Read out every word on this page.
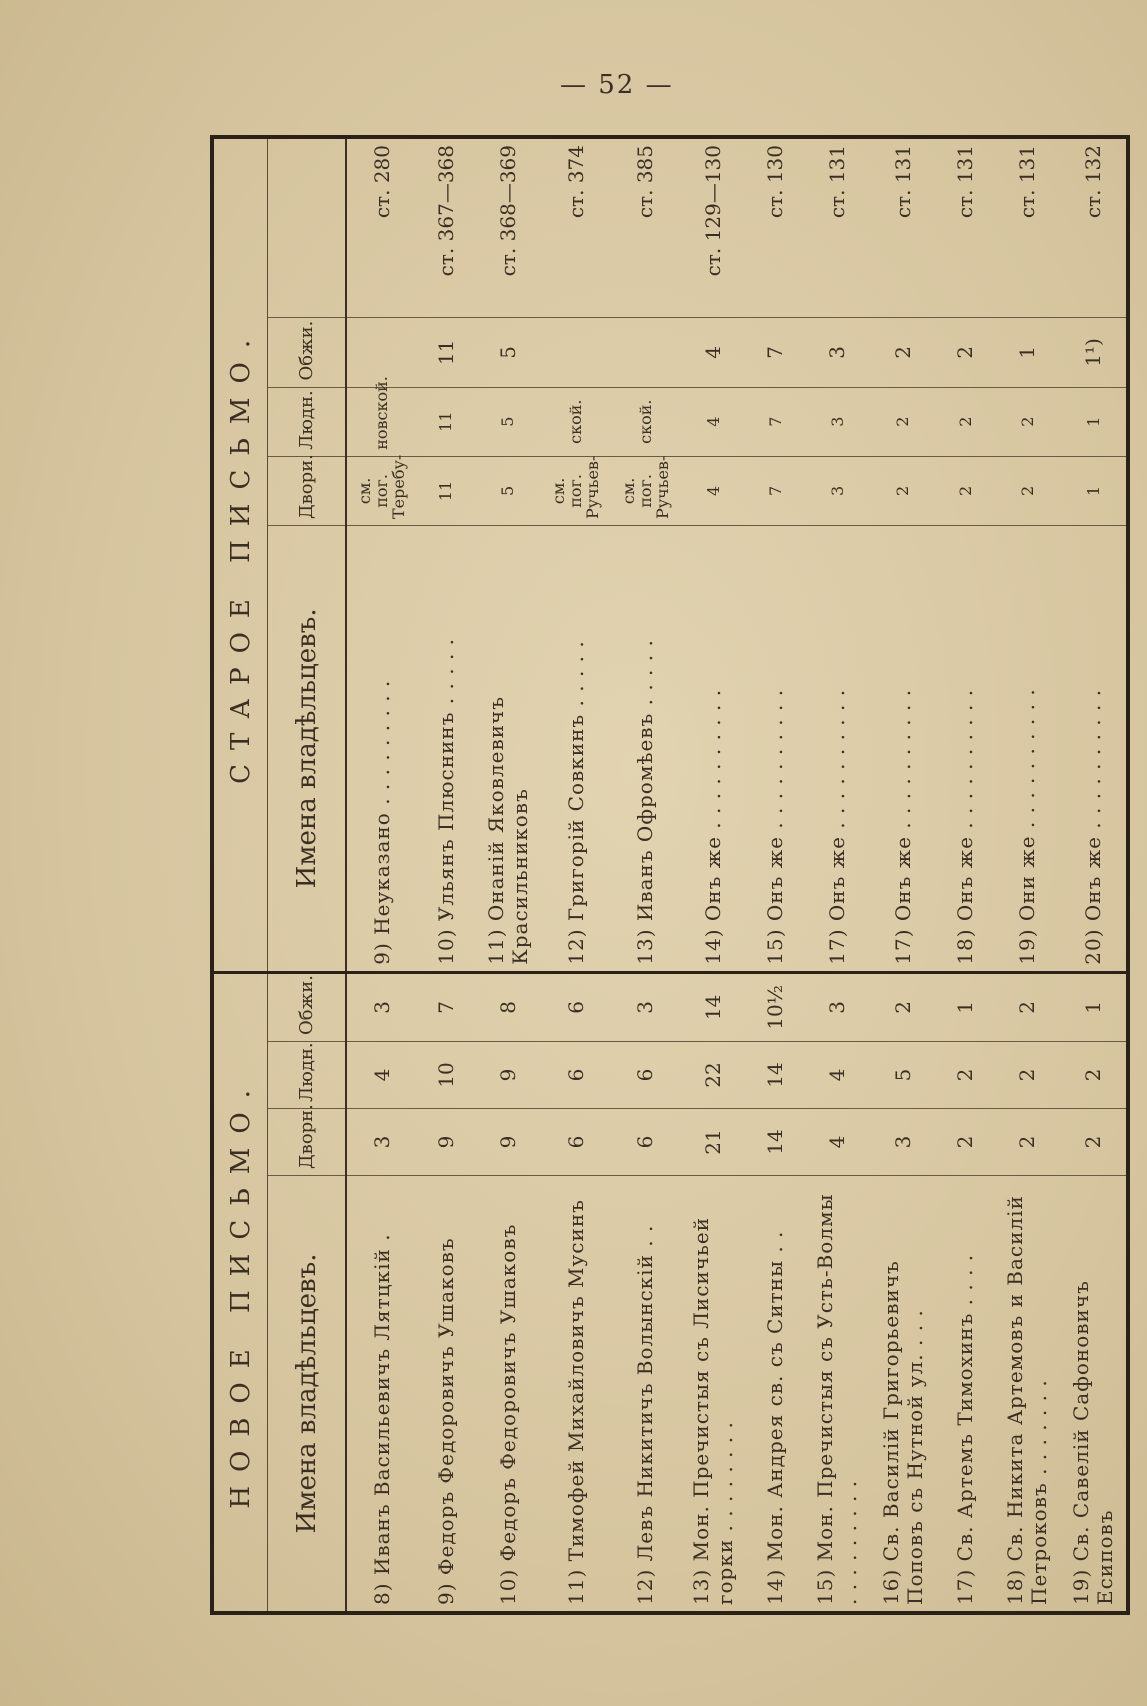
— 52 —
НОВОЕ ПИСЬМО.				СТАРОЕ ПИСЬМО.				
Имена владѣльцевъ.	Дворн.	Людн.	Обжи.	Имена владѣльцевъ.	Двори.	Людн.	Обжи.	
8) Иванъ Васильевичъ Лятцкій .	3	4	3	9) Неуказано . . . . . . . . .	см. пог. Теребу-	новской.		ст. 280
9) Федоръ Федоровичъ Ушаковъ	9	10	7	10) Ульянъ Плюснинъ . . . . .	11	11	11	ст. 367—368
10) Федоръ Федоровичъ Ушаковъ	9	9	8	11) Онаній Яковлевичъ Красильниковъ	5	5	5	ст. 368—369
11) Тимофей Михайловичъ Мусинъ	6	6	6	12) Григорій Совкинъ . . . . .	см. пог. Ручьев-	ской.		ст. 374
12) Левъ Никитичъ Волынскій . .	6	6	3	13) Иванъ Офромѣевъ . . . . .	см. пог. Ручьев-	ской.		ст. 385
13) Мон. Пречистыя съ Лисичьей горки . . . . . . . .	21	22	14	14) Онъ же . . . . . . . . . .	4	4	4	ст. 129—130
14) Мон. Андрея св. съ Ситны . .	14	14	10½	15) Онъ же . . . . . . . . . .	7	7	7	ст. 130
15) Мон. Пречистыя съ Усть-Волмы . . . . . . . . .	4	4	3	17) Онъ же . . . . . . . . . .	3	3	3	ст. 131
16) Св. Василій Григорьевичъ Поповъ съ Нутной ул. . . .	3	5	2	17) Онъ же . . . . . . . . . .	2	2	2	ст. 131
17) Св. Артемъ Тимохинъ . . . .	2	2	1	18) Онъ же . . . . . . . . . .	2	2	2	ст. 131
18) Св. Никита Артемовъ и Василій Петроковъ . . . . . . .	2	2	2	19) Они же . . . . . . . . . .	2	2	1	ст. 131
19) Св. Савелій Сафоновичъ Есиповъ	2	2	1	20) Онъ же . . . . . . . . . .	1	1	1¹)	ст. 132
